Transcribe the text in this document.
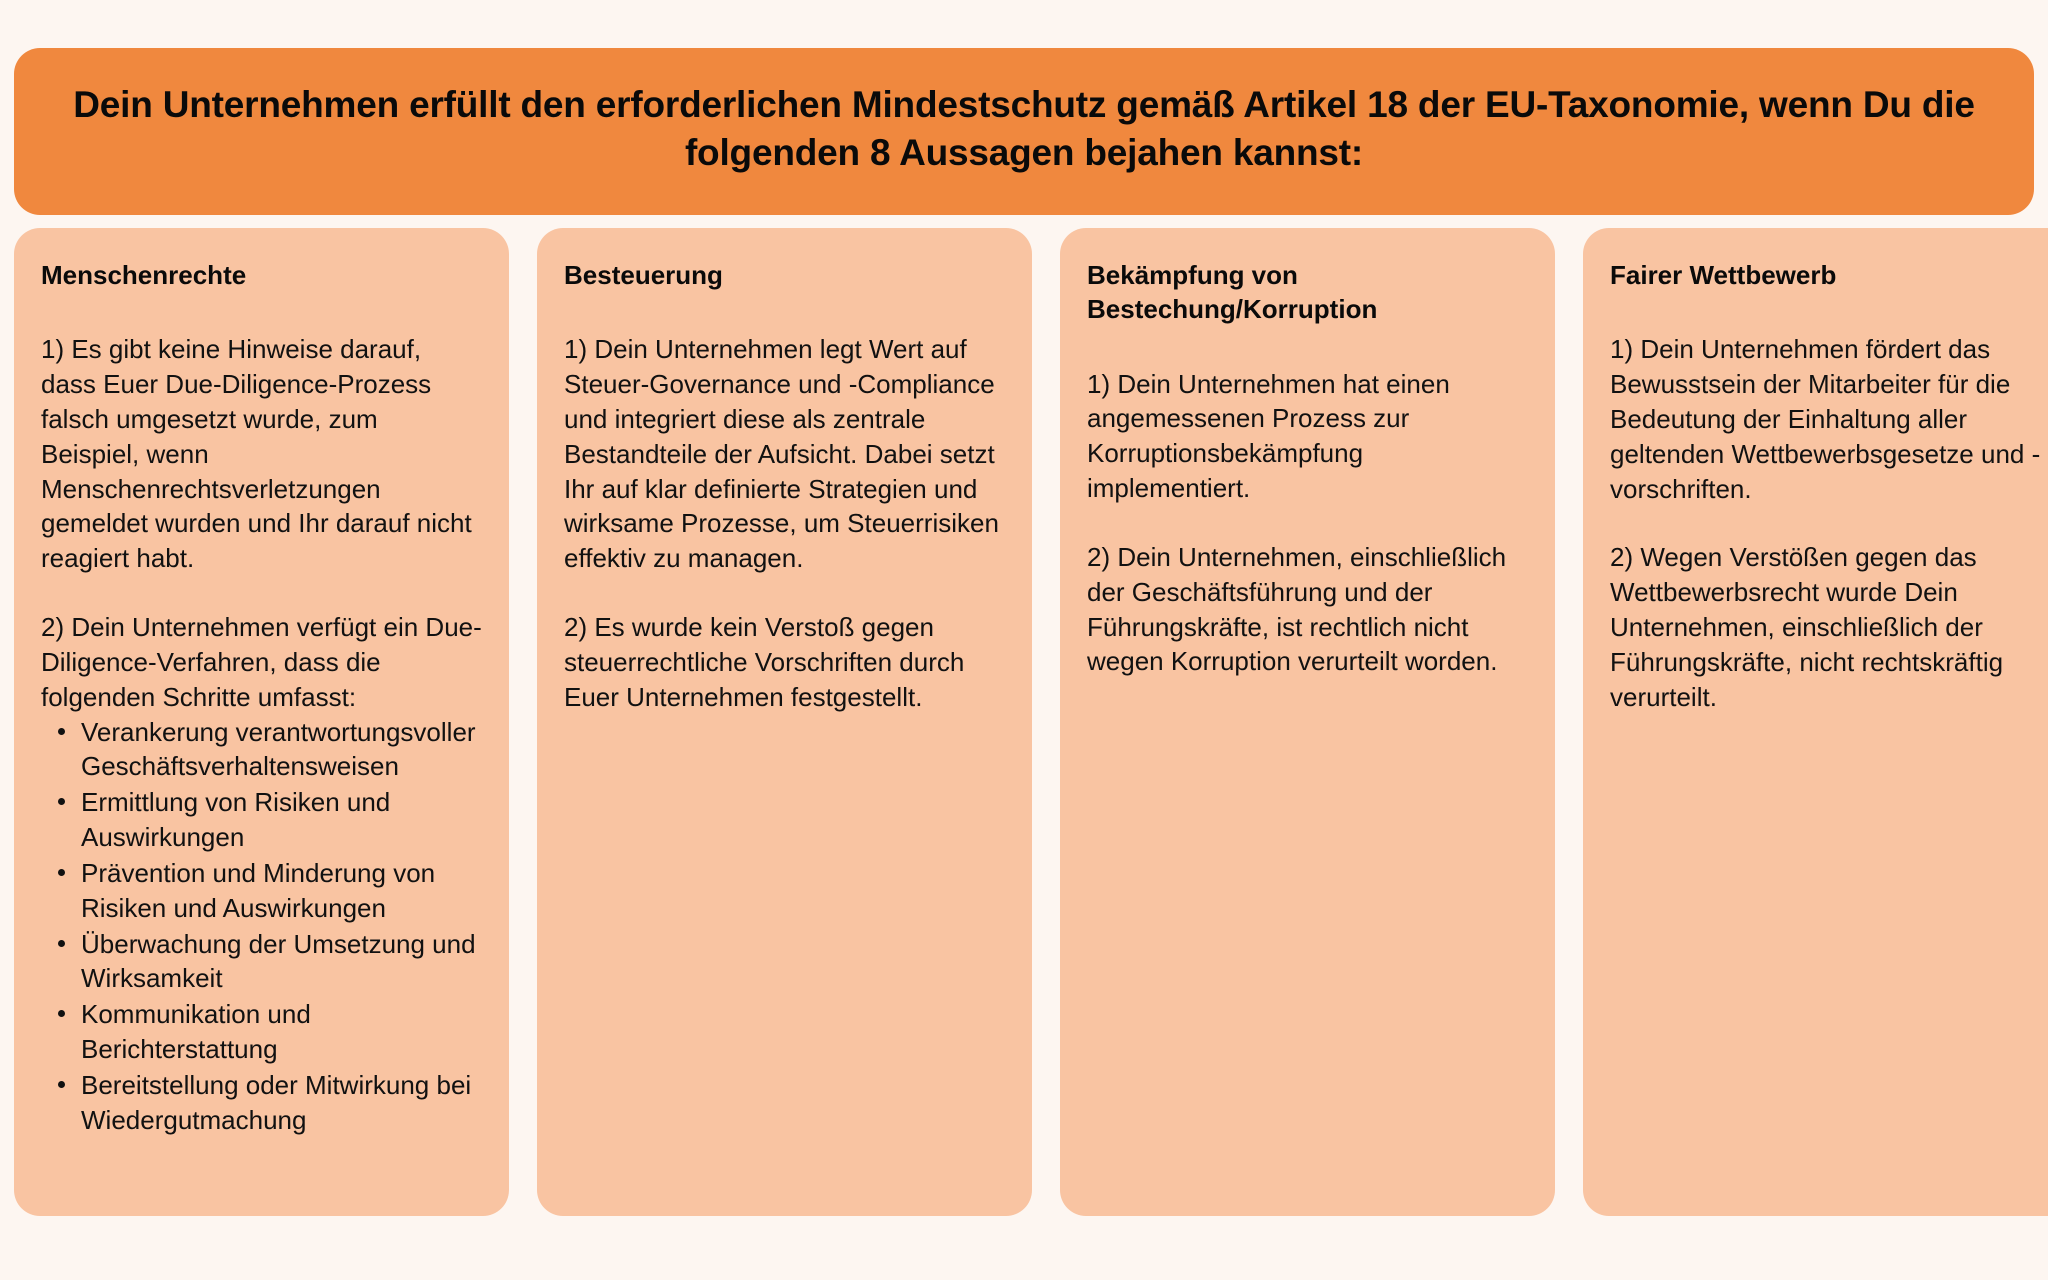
Dein Unternehmen erfüllt den erforderlichen Mindestschutz gemäß Artikel 18 der EU-Taxonomie, wenn Du die folgenden 8 Aussagen bejahen kannst:
Menschenrechte

1) Es gibt keine Hinweise darauf, dass Euer Due-Diligence-Prozess falsch umgesetzt wurde, zum Beispiel, wenn Menschenrechtsverletzungen gemeldet wurden und Ihr darauf nicht reagiert habt.

2) Dein Unternehmen verfügt ein Due-Diligence-Verfahren, dass die folgenden Schritte umfasst:

Verankerung verantwortungsvoller Geschäftsverhaltensweisen
Ermittlung von Risiken und Auswirkungen
Prävention und Minderung von Risiken und Auswirkungen
Überwachung der Umsetzung und Wirksamkeit
Kommunikation und Berichterstattung
Bereitstellung oder Mitwirkung bei Wiedergutmachung
Besteuerung

1) Dein Unternehmen legt Wert auf Steuer-Governance und -Compliance und integriert diese als zentrale Bestandteile der Aufsicht. Dabei setzt Ihr auf klar definierte Strategien und wirksame Prozesse, um Steuerrisiken effektiv zu managen.

2) Es wurde kein Verstoß gegen steuerrechtliche Vorschriften durch Euer Unternehmen festgestellt.

Bekämpfung von Bestechung/Korruption

1) Dein Unternehmen hat einen angemessenen Prozess zur Korruptionsbekämpfung implementiert.

2) Dein Unternehmen, einschließlich der Geschäftsführung und der Führungskräfte, ist rechtlich nicht wegen Korruption verurteilt worden.

Fairer Wettbewerb

1) Dein Unternehmen fördert das Bewusstsein der Mitarbeiter für die Bedeutung der Einhaltung aller geltenden Wettbewerbsgesetze und -vorschriften.

2) Wegen Verstößen gegen das Wettbewerbsrecht wurde Dein Unternehmen, einschließlich der Führungskräfte, nicht rechtskräftig verurteilt.
